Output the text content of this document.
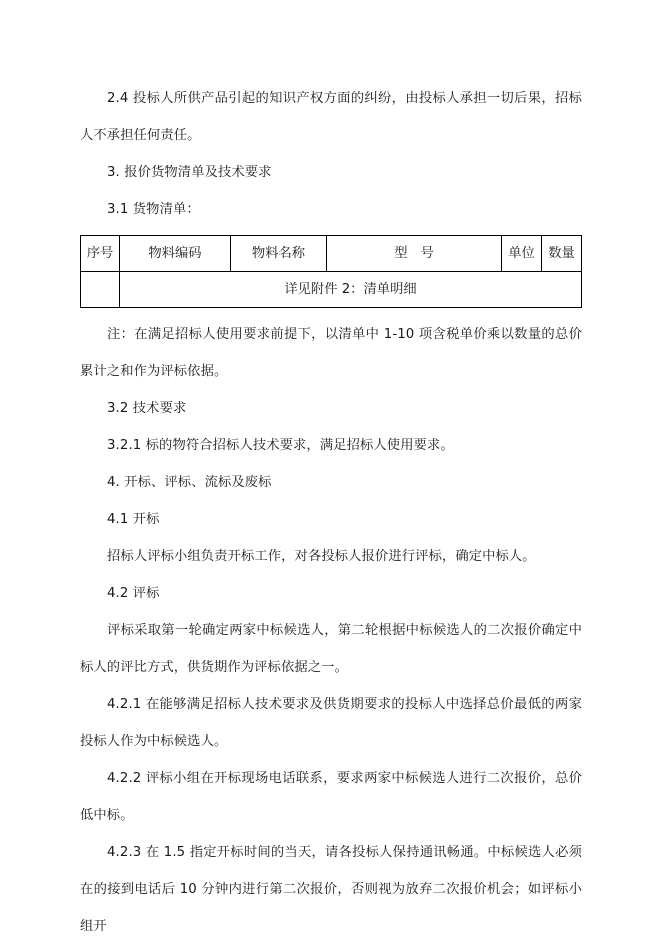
2.4 投标人所供产品引起的知识产权方面的纠纷，由投标人承担一切后果，招标人不承担任何责任。

3. 报价货物清单及技术要求

3.1 货物清单：

序号	物料编码	物料名称	型 号	单位	数量
	详见附件 2：清单明细				

注：在满足招标人使用要求前提下，以清单中 1-10 项含税单价乘以数量的总价累计之和作为评标依据。

3.2 技术要求

3.2.1 标的物符合招标人技术要求，满足招标人使用要求。

4. 开标、评标、流标及废标

4.1 开标

招标人评标小组负责开标工作，对各投标人报价进行评标，确定中标人。

4.2 评标

评标采取第一轮确定两家中标候选人，第二轮根据中标候选人的二次报价确定中标人的评比方式，供货期作为评标依据之一。

4.2.1 在能够满足招标人技术要求及供货期要求的投标人中选择总价最低的两家投标人作为中标候选人。

4.2.2 评标小组在开标现场电话联系，要求两家中标候选人进行二次报价，总价低中标。

4.2.3 在 1.5 指定开标时间的当天，请各投标人保持通讯畅通。中标候选人必须在的接到电话后 10 分钟内进行第二次报价，否则视为放弃二次报价机会；如评标小组开
